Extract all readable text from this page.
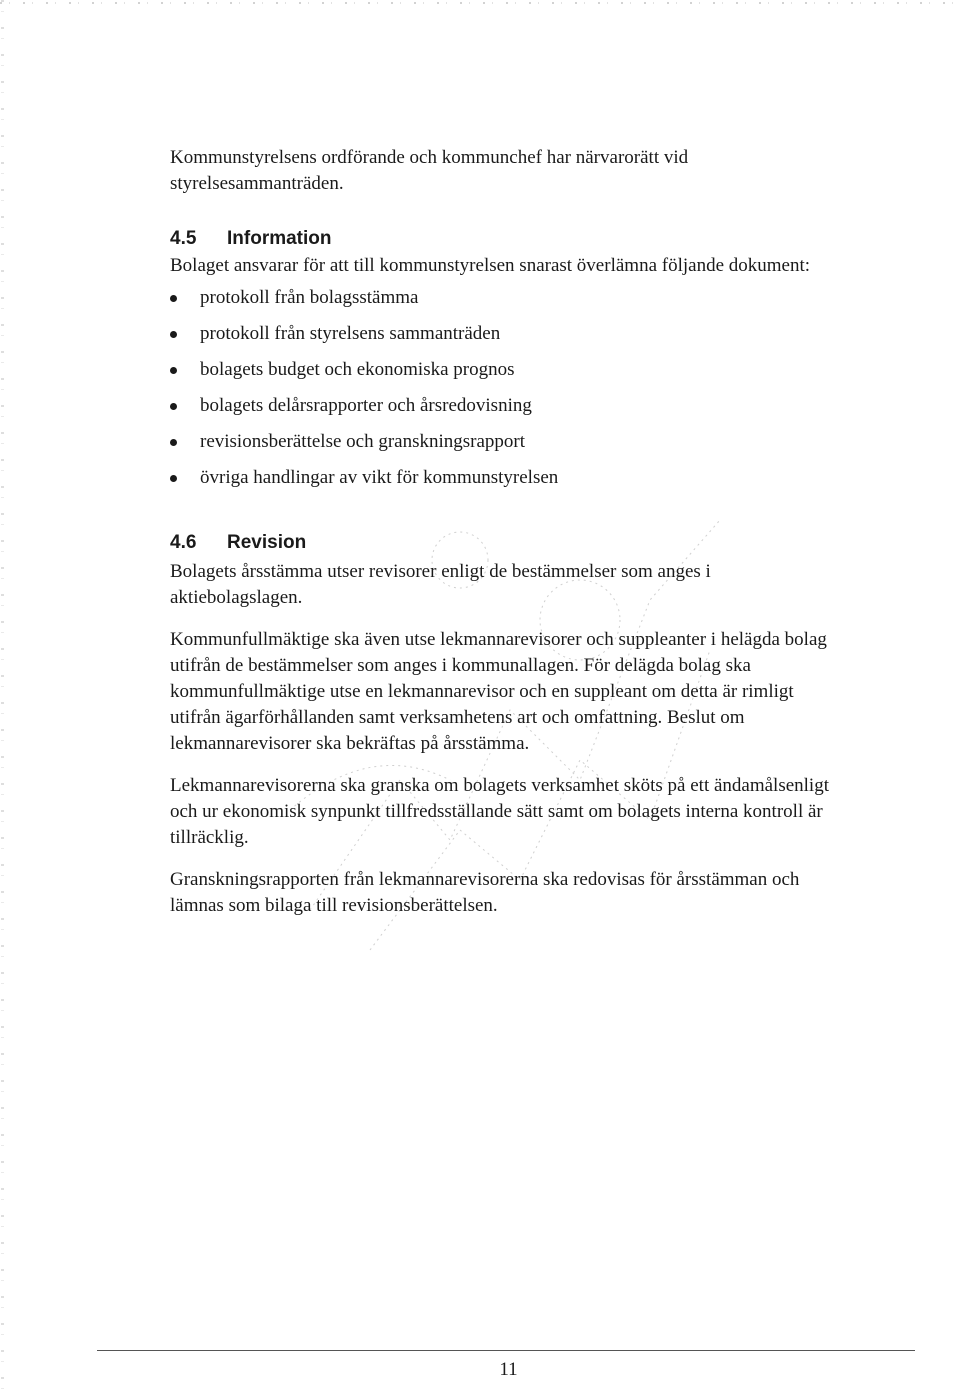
Kommunstyrelsens ordförande och kommunchef har närvarorätt vid styrelsesammanträden.

4.5 Information

Bolaget ansvarar för att till kommunstyrelsen snarast överlämna följande dokument:

protokoll från bolagsstämma
protokoll från styrelsens sammanträden
bolagets budget och ekonomiska prognos
bolagets delårsrapporter och årsredovisning
revisionsberättelse och granskningsrapport
övriga handlingar av vikt för kommunstyrelsen
4.6 Revision

Bolagets årsstämma utser revisorer enligt de bestämmelser som anges i aktiebolagslagen.

Kommunfullmäktige ska även utse lekmannarevisorer och suppleanter i helägda bolag utifrån de bestämmelser som anges i kommunallagen. För delägda bolag ska kommunfullmäktige utse en lekmannarevisor och en suppleant om detta är rimligt utifrån ägarförhållanden samt verksamhetens art och omfattning. Beslut om lekmannarevisorer ska bekräftas på årsstämma.

Lekmannarevisorerna ska granska om bolagets verksamhet sköts på ett ändamålsenligt och ur ekonomisk synpunkt tillfredsställande sätt samt om bolagets interna kontroll är tillräcklig.

Granskningsrapporten från lekmannarevisorerna ska redovisas för årsstämman och lämnas som bilaga till revisionsberättelsen.

11
